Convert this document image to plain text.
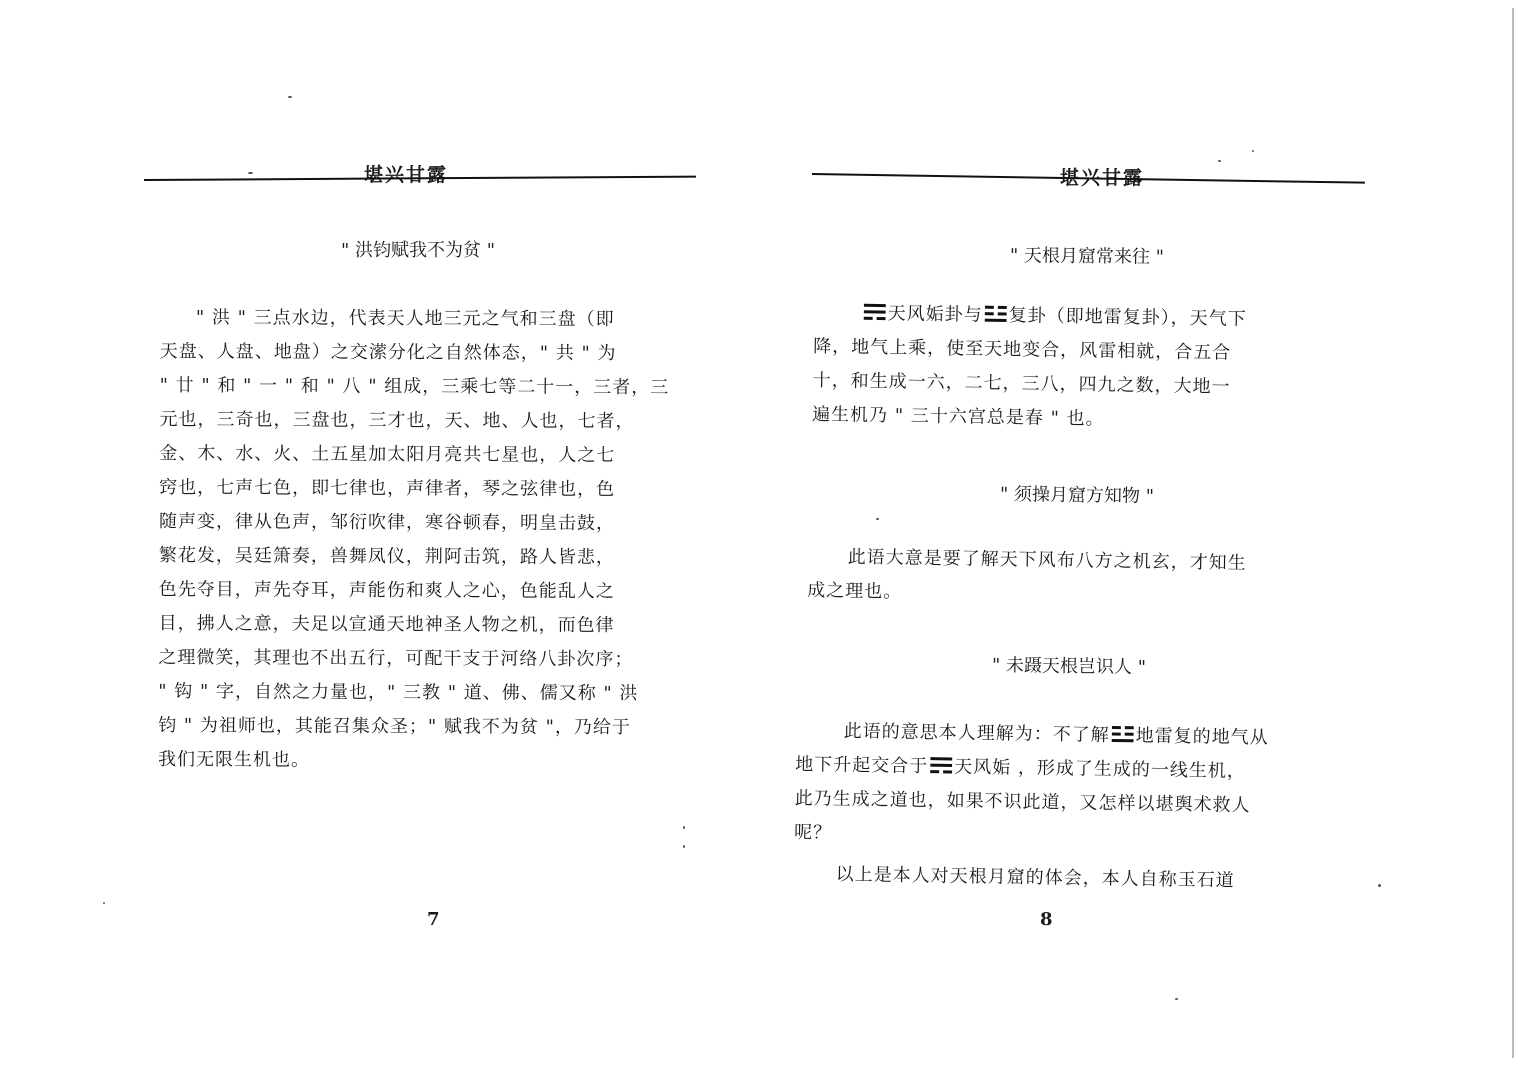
堪兴甘露
" 洪钧赋我不为贫 "
" 洪 " 三点水边，代表天人地三元之气和三盘（即
天盘、人盘、地盘）之交潆分化之自然体态，" 共 " 为
" 廿 " 和 " 一 " 和 " 八 " 组成，三乘七等二十一，三者，三
元也，三奇也，三盘也，三才也，天、地、人也，七者，
金、木、水、火、土五星加太阳月亮共七星也，人之七
窍也，七声七色，即七律也，声律者，琴之弦律也，色
随声变，律从色声，邹衍吹律，寒谷顿春，明皇击鼓，
繁花发，吴廷箫奏，兽舞凤仪，荆阿击筑，路人皆悲，
色先夺目，声先夺耳，声能伤和爽人之心，色能乱人之
目，拂人之意，夫足以宣通天地神圣人物之机，而色律
之理微笑，其理也不出五行，可配干支于河络八卦次序；
" 钩 " 字，自然之力量也，" 三教 " 道、佛、儒又称 " 洪
钧 " 为祖师也，其能召集众圣；" 赋我不为贫 "，乃给于
我们无限生机也。
7
堪兴甘露
" 天根月窟常来往 "
天风姤卦与 复卦（即地雷复卦），天气下
降，地气上乘，使至天地变合，风雷相就，合五合
十，和生成一六，二七，三八，四九之数，大地一
遍生机乃 " 三十六宫总是春 " 也。
" 须操月窟方知物 "
此语大意是要了解天下风布八方之机玄，才知生
成之理也。
" 未蹑天根岂识人 "
此语的意思本人理解为：不了解 地雷复的地气从
地下升起交合于 天风姤 ，形成了生成的一线生机，
此乃生成之道也，如果不识此道，又怎样以堪舆术救人
呢？
以上是本人对天根月窟的体会，本人自称玉石道
8
